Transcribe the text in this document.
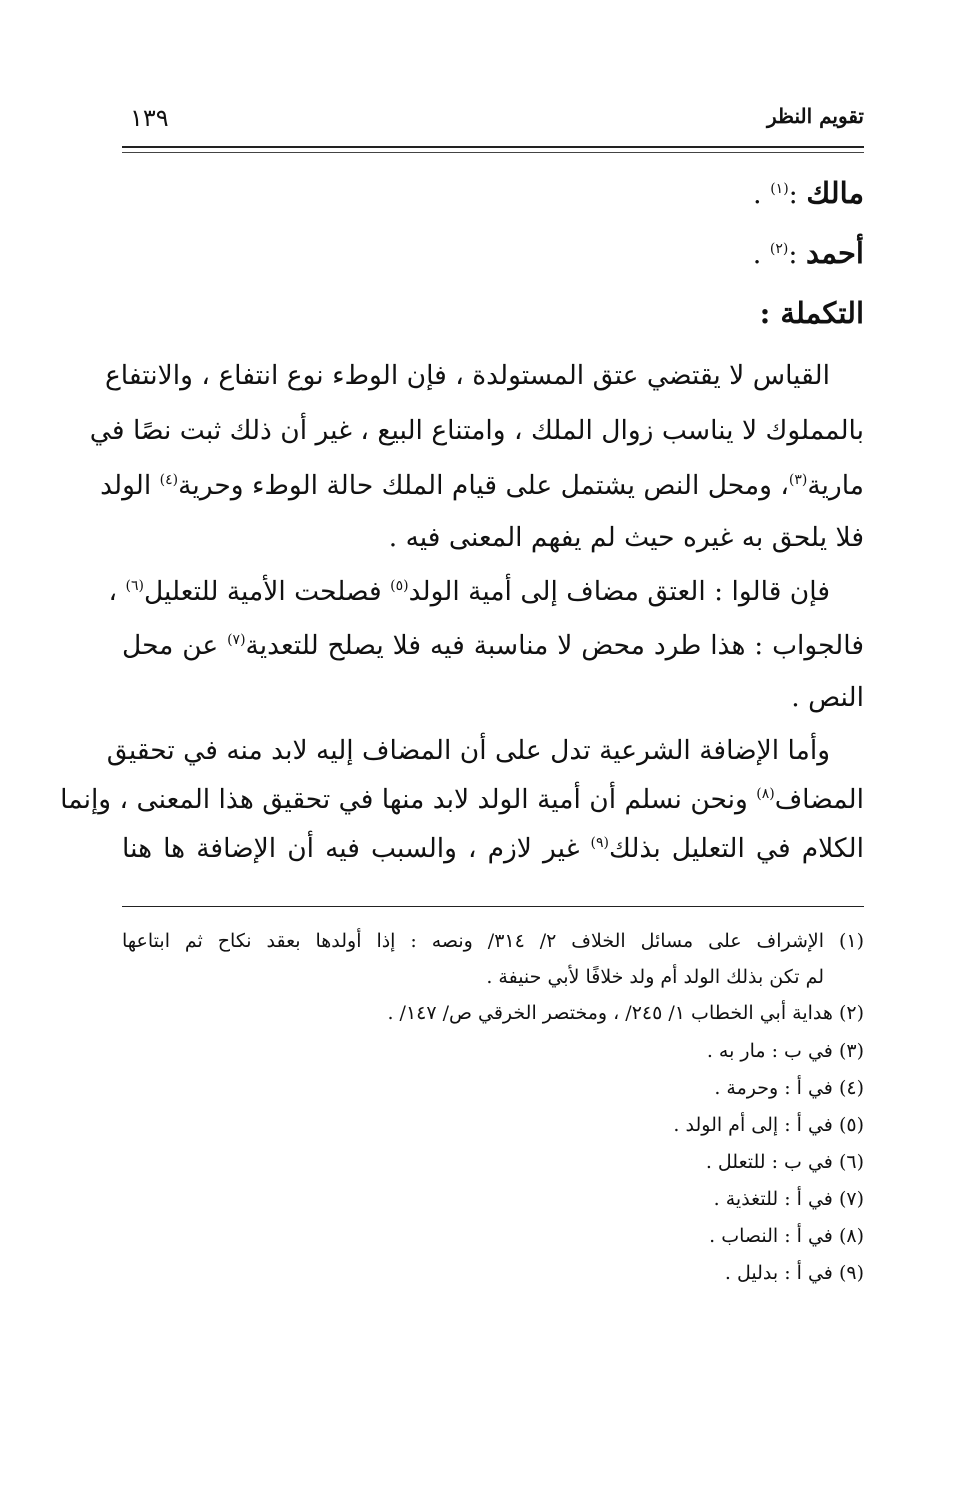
تقويم النظر
١٣٩
مالك :$^{(١)}$ .
أحمد :$^{(٢)}$ .
التكملة :
القياس لا يقتضي عتق المستولدة ، فإن الوطء نوع انتفاع ، والانتفاع
بالمملوك لا يناسب زوال الملك ، وامتناع البيع ، غير أن ذلك ثبت نصًا في
مارية$^{(٣)}$، ومحل النص يشتمل على قيام الملك حالة الوطء وحرية$^{(٤)}$ الولد
فلا يلحق به غيره حيث لم يفهم المعنى فيه .
فإن قالوا : العتق مضاف إلى أمية الولد$^{(٥)}$ فصلحت الأمية للتعليل$^{(٦)}$ ،
فالجواب : هذا طرد محض لا مناسبة فيه فلا يصلح للتعدية$^{(٧)}$ عن محل
النص .
وأما الإضافة الشرعية تدل على أن المضاف إليه لابد منه في تحقيق
المضاف$^{(٨)}$ ونحن نسلم أن أمية الولد لابد منها في تحقيق هذا المعنى ، وإنما
الكلام في التعليل بذلك$^{(٩)}$ غير لازم ، والسبب فيه أن الإضافة ها هنا
(١) الإشراف على مسائل الخلاف ٢/ ٣١٤/ ونصه : إذا أولدها بعقد نكاح ثم ابتاعها
لم تكن بذلك الولد أم ولد خلافًا لأبي حنيفة .
(٢) هداية أبي الخطاب ١/ ٢٤٥/ ، ومختصر الخرقي ص/ ١٤٧/ .
(٣) في ب : مار به .
(٤) في أ : وحرمة .
(٥) في أ : إلى أم الولد .
(٦) في ب : للتعلل .
(٧) في أ : للتغذية .
(٨) في أ : النصاب .
(٩) في أ : بدليل .
